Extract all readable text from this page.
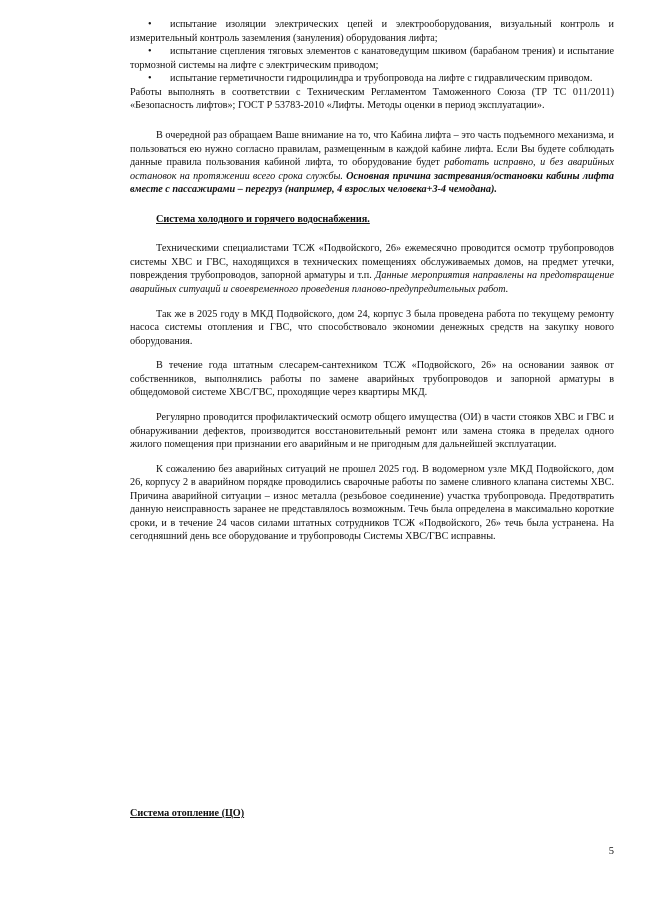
• испытание изоляции электрических цепей и электрооборудования, визуальный контроль и измерительный контроль заземления (зануления) оборудования лифта;
• испытание сцепления тяговых элементов с канатоведущим шкивом (барабаном трения) и испытание тормозной системы на лифте с электрическим приводом;
• испытание герметичности гидроцилиндра и трубопровода на лифте с гидравлическим приводом.

Работы выполнять в соответствии с Техническим Регламентом Таможенного Союза (ТР ТС 011/2011) «Безопасность лифтов»; ГОСТ Р 53783-2010 «Лифты. Методы оценки в период эксплуатации».

В очередной раз обращаем Ваше внимание на то, что Кабина лифта – это часть подъемного механизма, и пользоваться ею нужно согласно правилам, размещенным в каждой кабине лифта. Если Вы будете соблюдать данные правила пользования кабиной лифта, то оборудование будет работать исправно, и без аварийных остановок на протяжении всего срока службы. Основная причина застревания/остановки кабины лифта вместе с пассажирами – перегруз (например, 4 взрослых человека+3-4 чемодана).

Система холодного и горячего водоснабжения.

Техническими специалистами ТСЖ «Подвойского, 26» ежемесячно проводится осмотр трубопроводов системы ХВС и ГВС, находящихся в технических помещениях обслуживаемых домов, на предмет утечки, повреждения трубопроводов, запорной арматуры и т.п. Данные мероприятия направлены на предотвращение аварийных ситуаций и своевременного проведения планово-предупредительных работ.

Так же в 2025 году в МКД Подвойского, дом 24, корпус 3 была проведена работа по текущему ремонту насоса системы отопления и ГВС, что способствовало экономии денежных средств на закупку нового оборудования.

В течение года штатным слесарем-сантехником ТСЖ «Подвойского, 26» на основании заявок от собственников, выполнялись работы по замене аварийных трубопроводов и запорной арматуры в общедомовой системе ХВС/ГВС, проходящие через квартиры МКД.

Регулярно проводится профилактический осмотр общего имущества (ОИ) в части стояков ХВС и ГВС и обнаруживании дефектов, производится восстановительный ремонт или замена стояка в пределах одного жилого помещения при признании его аварийным и не пригодным для дальнейшей эксплуатации.

К сожалению без аварийных ситуаций не прошел 2025 год. В водомерном узле МКД Подвойского, дом 26, корпусу 2 в аварийном порядке проводились сварочные работы по замене сливного клапана системы ХВС. Причина аварийной ситуации – износ металла (резьбовое соединение) участка трубопровода. Предотвратить данную неисправность заранее не представлялось возможным. Течь была определена в максимально короткие сроки, и в течение 24 часов силами штатных сотрудников ТСЖ «Подвойского, 26» течь была устранена. На сегодняшний день все оборудование и трубопроводы Системы ХВС/ГВС исправны.

Система отопление (ЦО)
5
